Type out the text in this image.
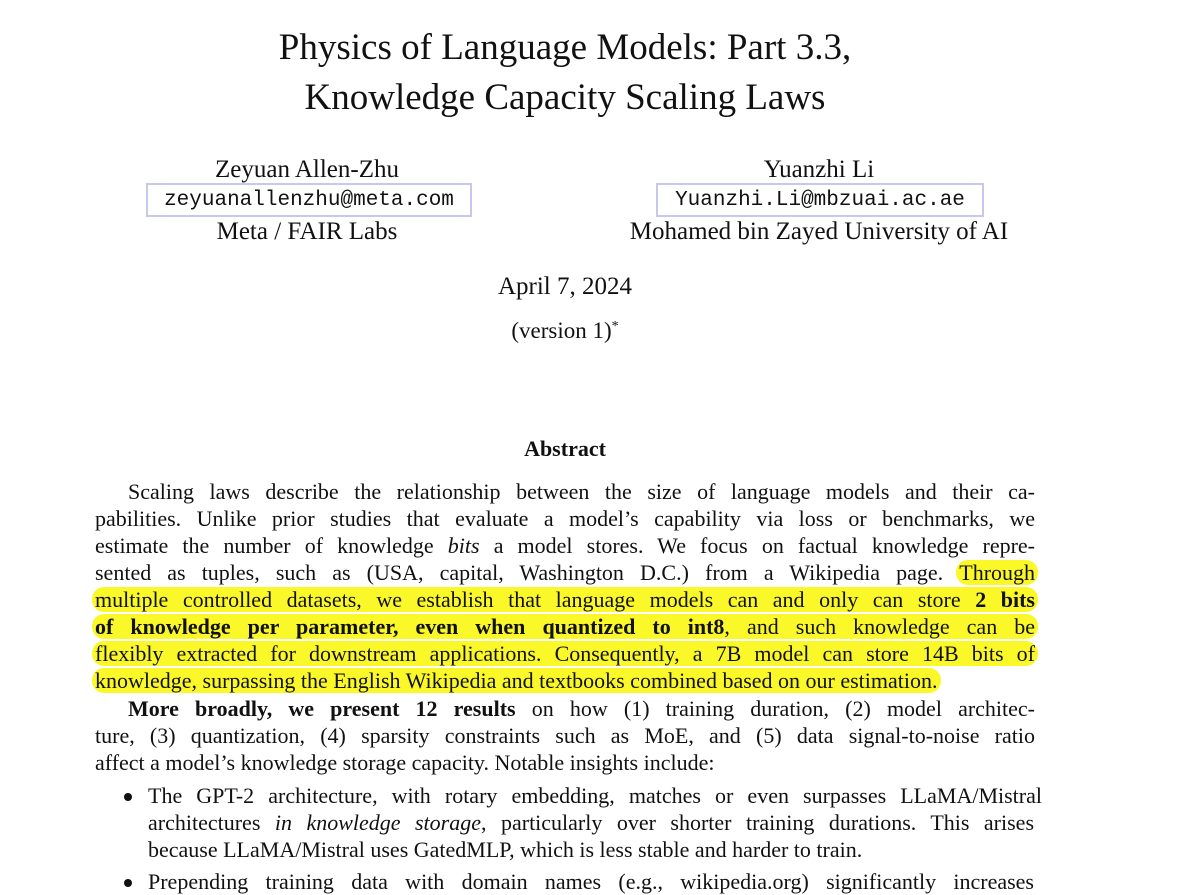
Physics of Language Models: Part 3.3,
Knowledge Capacity Scaling Laws
Zeyuan Allen-Zhu
zeyuanallenzhu@meta.com
Meta / FAIR Labs
Yuanzhi Li
Yuanzhi.Li@mbzuai.ac.ae
Mohamed bin Zayed University of AI
April 7, 2024
(version 1)*
Abstract
Scaling laws describe the relationship between the size of language models and their ca-
pabilities. Unlike prior studies that evaluate a model’s capability via loss or benchmarks, we
estimate the number of knowledge bits a model stores. We focus on factual knowledge repre-
sented as tuples, such as (USA, capital, Washington D.C.) from a Wikipedia page. Through
multiple controlled datasets, we establish that language models can and only can store 2 bits
of knowledge per parameter, even when quantized to int8, and such knowledge can be
flexibly extracted for downstream applications. Consequently, a 7B model can store 14B bits of
knowledge, surpassing the English Wikipedia and textbooks combined based on our estimation.
More broadly, we present 12 results on how (1) training duration, (2) model architec-
ture, (3) quantization, (4) sparsity constraints such as MoE, and (5) data signal-to-noise ratio
affect a model’s knowledge storage capacity. Notable insights include:
The GPT-2 architecture, with rotary embedding, matches or even surpasses LLaMA/Mistral
architectures in knowledge storage, particularly over shorter training durations. This arises
because LLaMA/Mistral uses GatedMLP, which is less stable and harder to train.
Prepending training data with domain names (e.g., wikipedia.org) significantly increases
